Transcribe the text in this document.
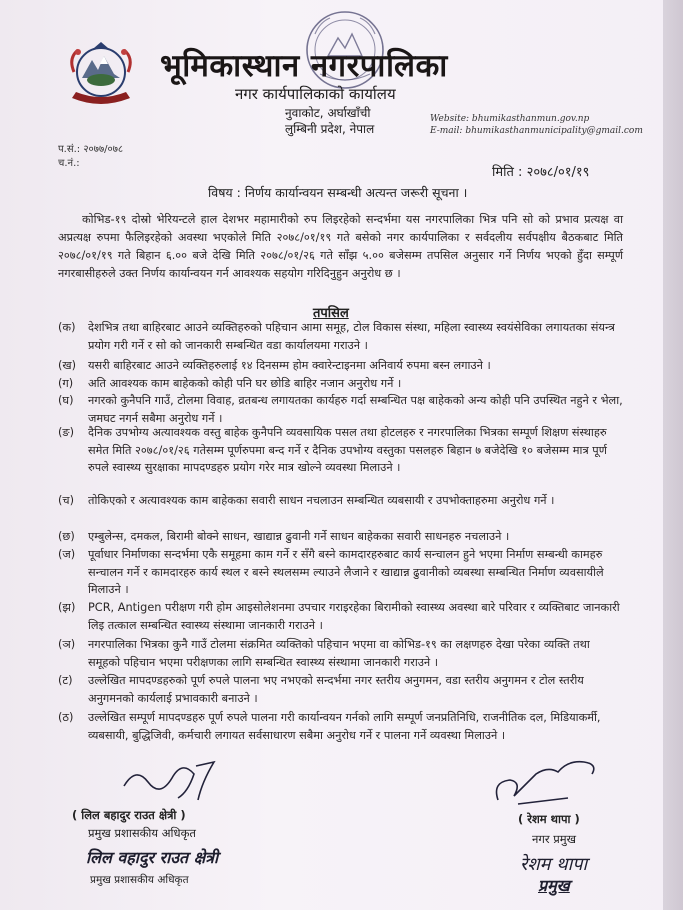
भूमिकास्थान नगरपालिका
नगर कार्यपालिकाको कार्यालय
नुवाकोट, अर्घाखाँची
लुम्बिनी प्रदेश, नेपाल
Website: bhumikasthanmun.gov.np
E-mail: bhumikasthanmunicipality@gmail.com
प.सं.: २०७७/०७८
च.नं.:
मिति : २०७८/०१/१९
विषय : निर्णय कार्यान्वयन सम्बन्धी अत्यन्त जरूरी सूचना ।
कोभिड-१९ दोस्रो भेरियन्टले हाल देशभर महामारीको रुप लिइरहेको सन्दर्भमा यस नगरपालिका भित्र पनि सो को प्रभाव प्रत्यक्ष वा अप्रत्यक्ष रुपमा फैलिइरहेको अवस्था भएकोले मिति २०७८/०१/१९ गते बसेको नगर कार्यपालिका र सर्वदलीय सर्वपक्षीय बैठकबाट मिति २०७८/०१/१९ गते बिहान ६.०० बजे देखि मिति २०७८/०१/२६ गते साँझ ५.०० बजेसम्म तपसिल अनुसार गर्ने निर्णय भएको हुँदा सम्पूर्ण नगरबासीहरुले उक्त निर्णय कार्यान्वयन गर्न आवश्यक सहयोग गरिदिनुहुन अनुरोध छ ।
तपसिल
(क)	देशभित्र तथा बाहिरबाट आउने व्यक्तिहरुको पहिचान आमा समूह, टोल विकास संस्था, महिला स्वास्थ्य स्वयंसेविका लगायतका संयन्त्र प्रयोग गरी गर्ने र सो को जानकारी सम्बन्धित वडा कार्यालयमा गराउने ।
(ख)	यसरी बाहिरबाट आउने व्यक्तिहरुलाई १४ दिनसम्म होम क्वारेन्टाइनमा अनिवार्य रुपमा बस्न लगाउने ।
(ग)	अति आवश्यक काम बाहेकको कोही पनि घर छोडि बाहिर नजान अनुरोध गर्ने ।
(घ)	नगरको कुनैपनि गाउँ, टोलमा विवाह, व्रतबन्ध लगायतका कार्यहरु गर्दा सम्बन्धित पक्ष बाहेकको अन्य कोही पनि उपस्थित नहुने र भेला, जमघट नगर्न सबैमा अनुरोध गर्ने ।
(ङ)	दैनिक उपभोग्य अत्यावश्यक वस्तु बाहेक कुनैपनि व्यवसायिक पसल तथा होटलहरु र नगरपालिका भित्रका सम्पूर्ण शिक्षण संस्थाहरु समेत मिति २०७८/०१/२६ गतेसम्म पूर्णरुपमा बन्द गर्ने र दैनिक उपभोग्य वस्तुका पसलहरु बिहान ७ बजेदेखि १० बजेसम्म मात्र पूर्ण रुपले स्वास्थ्य सुरक्षाका मापदण्डहरु प्रयोग गरेर मात्र खोल्ने व्यवस्था मिलाउने ।
(च)	तोकिएको र अत्यावश्यक काम बाहेकका सवारी साधन नचलाउन सम्बन्धित व्यबसायी र उपभोक्ताहरुमा अनुरोध गर्ने ।
(छ)	एम्बुलेन्स, दमकल, बिरामी बोक्ने साधन, खाद्यान्न ढुवानी गर्ने साधन बाहेकका सवारी साधनहरु नचलाउने ।
(ज)	पूर्वाधार निर्माणका सन्दर्भमा एकै समूहमा काम गर्ने र सँगै बस्ने कामदारहरुबाट कार्य सन्चालन हुने भएमा निर्माण सम्बन्धी कामहरु सन्चालन गर्ने र कामदारहरु कार्य स्थल र बस्ने स्थलसम्म ल्याउने लैजाने र खाद्यान्न ढुवानीको व्यबस्था सम्बन्धित निर्माण व्यवसायीले मिलाउने ।
(झ)	PCR, Antigen परीक्षण गरी होम आइसोलेशनमा उपचार गराइरहेका बिरामीको स्वास्थ्य अवस्था बारे परिवार र व्यक्तिबाट जानकारी लिइ तत्काल सम्बन्धित स्वास्थ्य संस्थामा जानकारी गराउने ।
(ञ)	नगरपालिका भित्रका कुनै गाउँ टोलमा संक्रमित व्यक्तिको पहिचान भएमा वा कोभिड-१९ का लक्षणहरु देखा परेका व्यक्ति तथा समूहको पहिचान भएमा परीक्षणका लागि सम्बन्धित स्वास्थ्य संस्थामा जानकारी गराउने ।
(ट)	उल्लेखित मापदण्डहरुको पूर्ण रुपले पालना भए नभएको सन्दर्भमा नगर स्तरीय अनुगमन, वडा स्तरीय अनुगमन र टोल स्तरीय अनुगमनको कार्यलाई प्रभावकारी बनाउने ।
(ठ)	उल्लेखित सम्पूर्ण मापदण्डहरु पूर्ण रुपले पालना गरी कार्यान्वयन गर्नको लागि सम्पूर्ण जनप्रतिनिधि, राजनीतिक दल, मिडियाकर्मी, व्यबसायी, बुद्धिजिवी, कर्मचारी लगायत सर्वसाधारण सबैमा अनुरोध गर्ने र पालना गर्ने व्यवस्था मिलाउने ।
( लिल बहादुर राउत क्षेत्री )
प्रमुख प्रशासकीय अधिकृत
लिल वहादुर राउत क्षेत्री
प्रमुख प्रशासकीय अधिकृत
( रेशम थापा )
नगर प्रमुख
रेशम थापा
प्रमुख
